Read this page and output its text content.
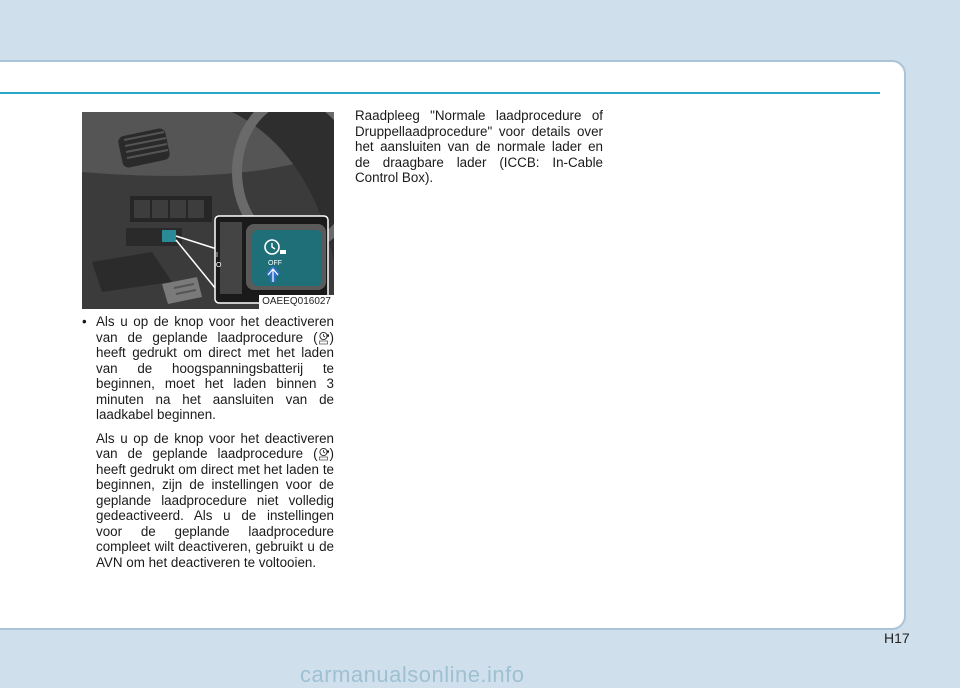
OFF
I
O
OAEEQ016027
• Als u op de knop voor het deactiveren van de geplande laadprocedure ( ) heeft gedrukt om direct met het laden van de hoogspanningsbatterij te beginnen, moet het laden binnen 3 minuten na het aansluiten van de laadkabel beginnen.

Als u op de knop voor het deactiveren van de geplande laadprocedure ( ) heeft gedrukt om direct met het laden te beginnen, zijn de instellingen voor de geplande laadprocedure niet volledig gedeactiveerd. Als u de instellingen voor de geplande laadprocedure compleet wilt deactiveren, gebruikt u de AVN om het deactiveren te voltooien.

Raadpleeg "Normale laadprocedure of Druppellaadprocedure" voor details over het aansluiten van de normale lader en de draagbare lader (ICCB: In-Cable Control Box).

H17
carmanualsonline.info
